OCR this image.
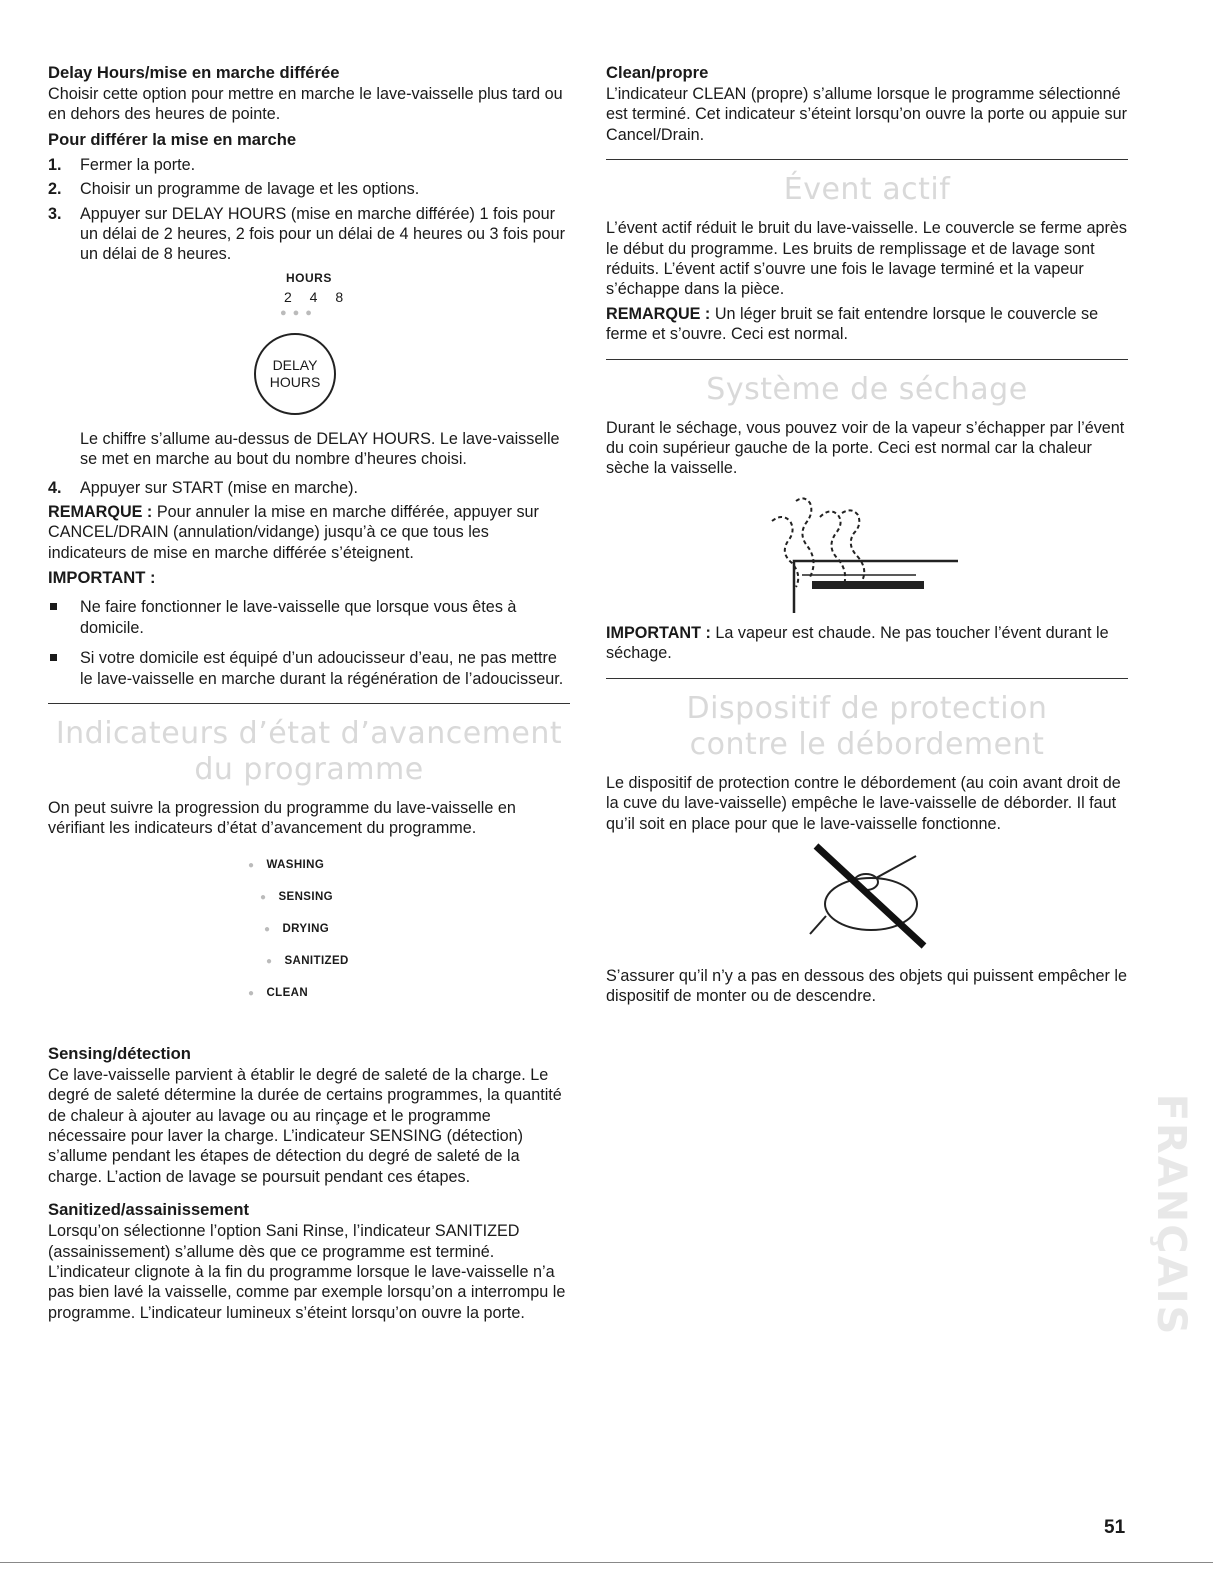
Delay Hours/mise en marche différée

Choisir cette option pour mettre en marche le lave-vaisselle plus tard ou en dehors des heures de pointe.

Pour différer la mise en marche

1. Fermer la porte.
2. Choisir un programme de lavage et les options.
3. Appuyer sur DELAY HOURS (mise en marche différée) 1 fois pour un délai de 2 heures, 2 fois pour un délai de 4 heures ou 3 fois pour un délai de 8 heures.
HOURS
2 4 8
●●●
DELAY
HOURS

Le chiffre s’allume au-dessus de DELAY HOURS. Le lave-vaisselle se met en marche au bout du nombre d’heures choisi.

4. Appuyer sur START (mise en marche).

REMARQUE : Pour annuler la mise en marche différée, appuyer sur CANCEL/DRAIN (annulation/vidange) jusqu’à ce que tous les indicateurs de mise en marche différée s’éteignent.

IMPORTANT :

Ne faire fonctionner le lave-vaisselle que lorsque vous êtes à domicile.
Si votre domicile est équipé d’un adoucisseur d’eau, ne pas mettre le lave-vaisselle en marche durant la régénération de l’adoucisseur.
Indicateurs d’état d’avancement
du programme

On peut suivre la progression du programme du lave-vaisselle en vérifiant les indicateurs d’état d’avancement du programme.

● WASHING
● SENSING
● DRYING
● SANITIZED
● CLEAN

Sensing/détection

Ce lave-vaisselle parvient à établir le degré de saleté de la charge. Le degré de saleté détermine la durée de certains programmes, la quantité de chaleur à ajouter au lavage ou au rinçage et le programme nécessaire pour laver la charge. L’indicateur SENSING (détection) s’allume pendant les étapes de détection du degré de saleté de la charge. L’action de lavage se poursuit pendant ces étapes.

Sanitized/assainissement

Lorsqu’on sélectionne l’option Sani Rinse, l’indicateur SANITIZED (assainissement) s’allume dès que ce programme est terminé. L’indicateur clignote à la fin du programme lorsque le lave-vaisselle n’a pas bien lavé la vaisselle, comme par exemple lorsqu’on a interrompu le programme. L’indicateur lumineux s’éteint lorsqu’on ouvre la porte.

Clean/propre

L’indicateur CLEAN (propre) s’allume lorsque le programme sélectionné est terminé. Cet indicateur s’éteint lorsqu’on ouvre la porte ou appuie sur Cancel/Drain.

Évent actif

L’évent actif réduit le bruit du lave-vaisselle. Le couvercle se ferme après le début du programme. Les bruits de remplissage et de lavage sont réduits. L’évent actif s’ouvre une fois le lavage terminé et la vapeur s’échappe dans la pièce.

REMARQUE : Un léger bruit se fait entendre lorsque le couvercle se ferme et s’ouvre. Ceci est normal.

Système de séchage

Durant le séchage, vous pouvez voir de la vapeur s’échapper par l’évent du coin supérieur gauche de la porte. Ceci est normal car la chaleur sèche la vaisselle.

IMPORTANT : La vapeur est chaude. Ne pas toucher l’évent durant le séchage.

Dispositif de protection
contre le débordement

Le dispositif de protection contre le débordement (au coin avant droit de la cuve du lave-vaisselle) empêche le lave-vaisselle de déborder. Il faut qu’il soit en place pour que le lave-vaisselle fonctionne.

S’assurer qu’il n’y a pas en dessous des objets qui puissent empêcher le dispositif de monter ou de descendre.

FRANÇAIS
51
